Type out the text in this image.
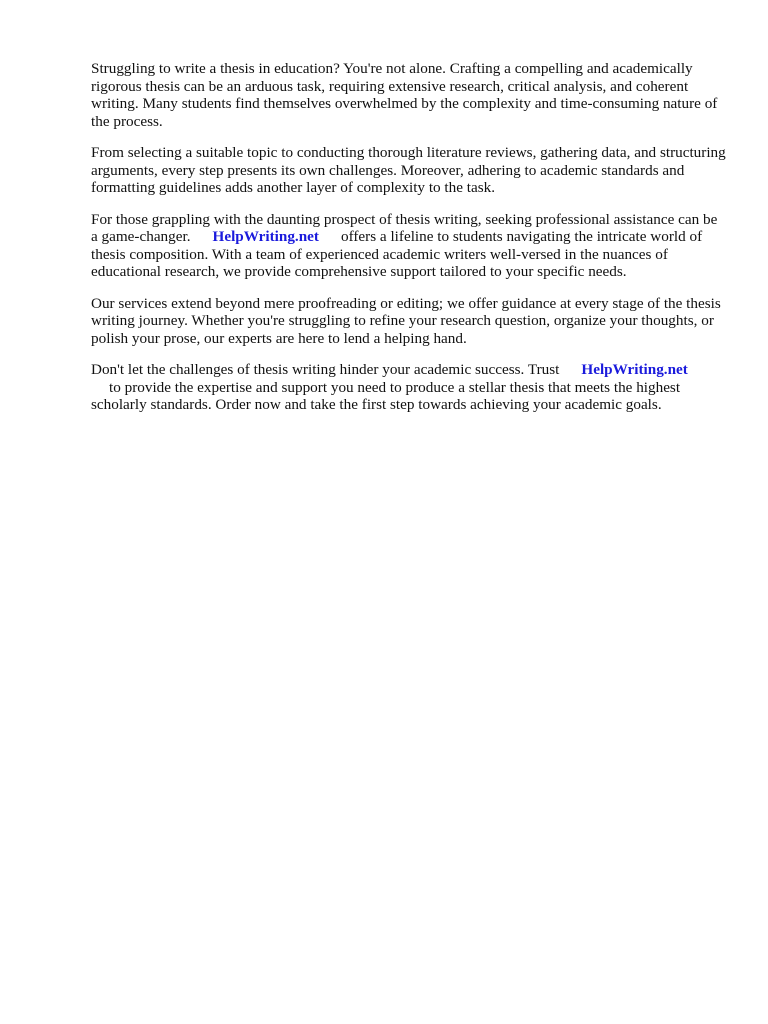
Struggling to write a thesis in education? You're not alone. Crafting a compelling and academically rigorous thesis can be an arduous task, requiring extensive research, critical analysis, and coherent writing. Many students find themselves overwhelmed by the complexity and time-consuming nature of the process.

From selecting a suitable topic to conducting thorough literature reviews, gathering data, and structuring arguments, every step presents its own challenges. Moreover, adhering to academic standards and formatting guidelines adds another layer of complexity to the task.

For those grappling with the daunting prospect of thesis writing, seeking professional assistance can be a game-changer. HelpWriting.net offers a lifeline to students navigating the intricate world of thesis composition. With a team of experienced academic writers well-versed in the nuances of educational research, we provide comprehensive support tailored to your specific needs.

Our services extend beyond mere proofreading or editing; we offer guidance at every stage of the thesis writing journey. Whether you're struggling to refine your research question, organize your thoughts, or polish your prose, our experts are here to lend a helping hand.

Don't let the challenges of thesis writing hinder your academic success. Trust HelpWriting.net
to provide the expertise and support you need to produce a stellar thesis that meets the highest scholarly standards. Order now and take the first step towards achieving your academic goals.
